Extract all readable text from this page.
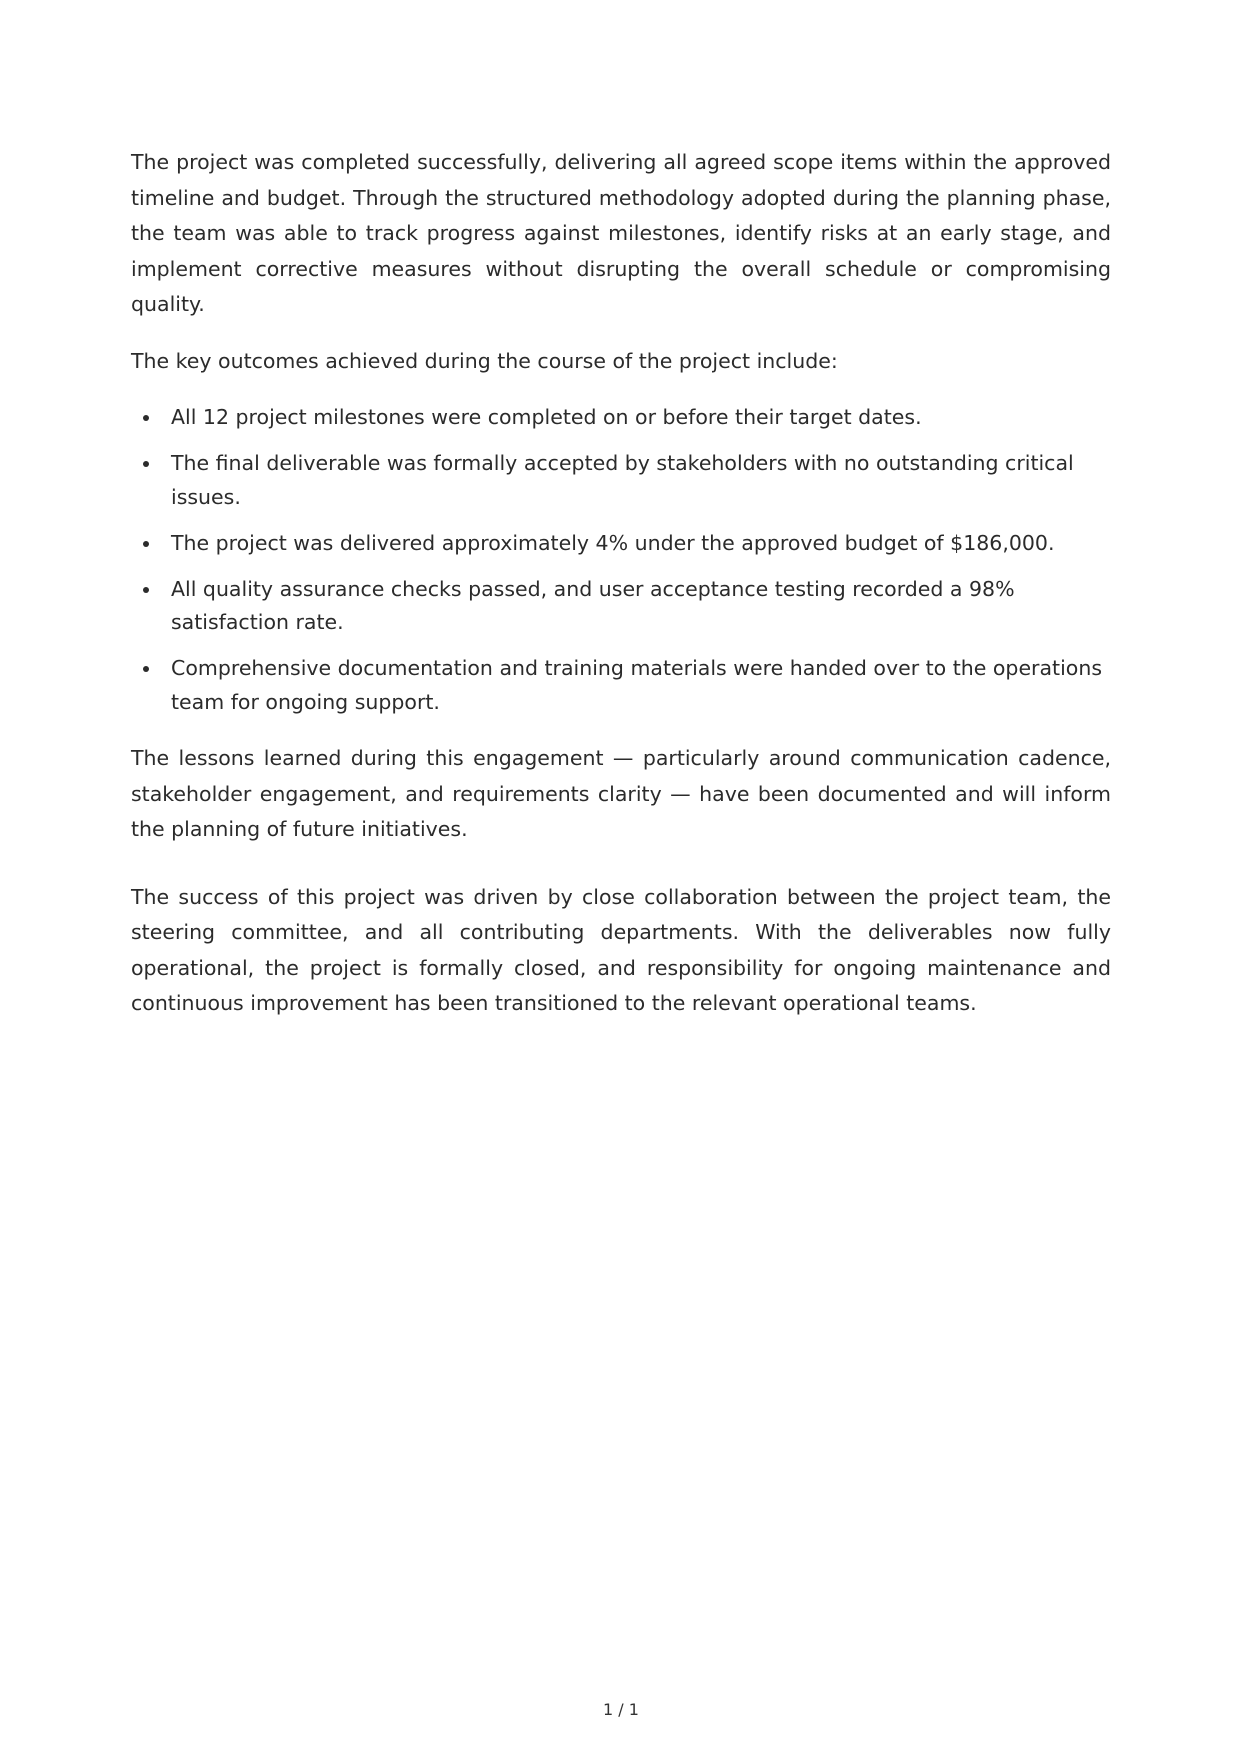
The project was completed successfully, delivering all agreed scope items within the approved timeline and budget. Through the structured methodology adopted during the planning phase, the team was able to track progress against milestones, identify risks at an early stage, and implement corrective measures without disrupting the overall schedule or compromising quality.

The key outcomes achieved during the course of the project include:

All 12 project milestones were completed on or before their target dates.
The final deliverable was formally accepted by stakeholders with no outstanding critical issues.
The project was delivered approximately 4% under the approved budget of $186,000.
All quality assurance checks passed, and user acceptance testing recorded a 98% satisfaction rate.
Comprehensive documentation and training materials were handed over to the operations team for ongoing support.

The lessons learned during this engagement — particularly around communication cadence, stakeholder engagement, and requirements clarity — have been documented and will inform the planning of future initiatives.

The success of this project was driven by close collaboration between the project team, the steering committee, and all contributing departments. With the deliverables now fully operational, the project is formally closed, and responsibility for ongoing maintenance and continuous improvement has been transitioned to the relevant operational teams.

1 / 1
